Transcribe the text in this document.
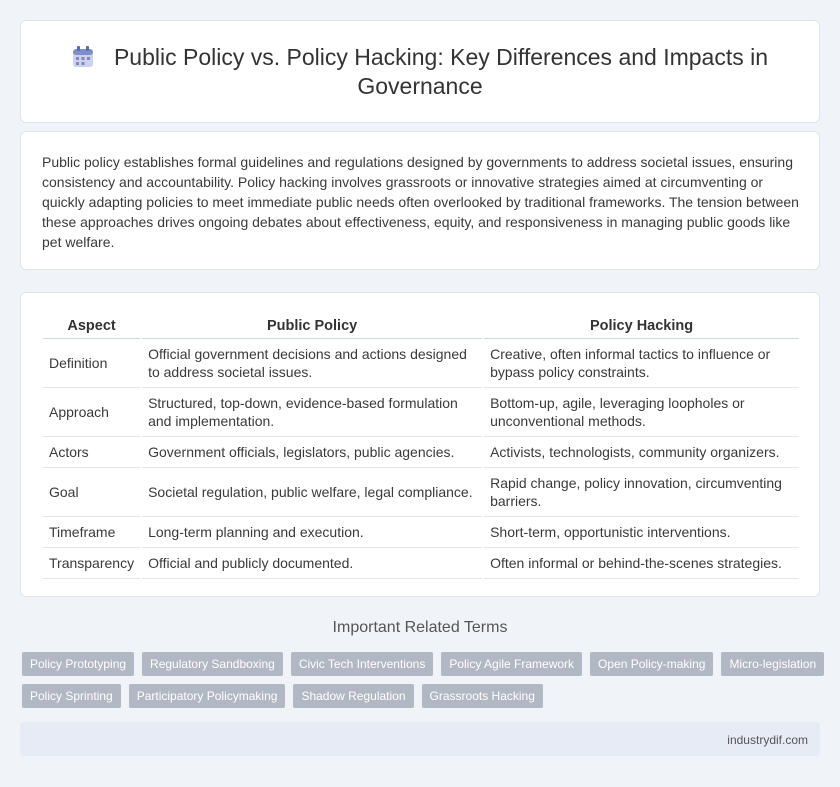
Public Policy vs. Policy Hacking: Key Differences and Impacts in Governance

Public policy establishes formal guidelines and regulations designed by governments to address societal issues, ensuring consistency and accountability. Policy hacking involves grassroots or innovative strategies aimed at circumventing or quickly adapting policies to meet immediate public needs often overlooked by traditional frameworks. The tension between these approaches drives ongoing debates about effectiveness, equity, and responsiveness in managing public goods like pet welfare.

Aspect	Public Policy	Policy Hacking
Definition	Official government decisions and actions designed to address societal issues.	Creative, often informal tactics to influence or bypass policy constraints.
Approach	Structured, top-down, evidence-based formulation and implementation.	Bottom-up, agile, leveraging loopholes or unconventional methods.
Actors	Government officials, legislators, public agencies.	Activists, technologists, community organizers.
Goal	Societal regulation, public welfare, legal compliance.	Rapid change, policy innovation, circumventing barriers.
Timeframe	Long-term planning and execution.	Short-term, opportunistic interventions.
Transparency	Official and publicly documented.	Often informal or behind-the-scenes strategies.
Important Related Terms
Policy Prototyping	Regulatory Sandboxing	Civic Tech Interventions	Policy Agile Framework	Open Policy-making	Micro-legislation
Policy Sprinting	Participatory Policymaking	Shadow Regulation	Grassroots Hacking
industrydif.com
